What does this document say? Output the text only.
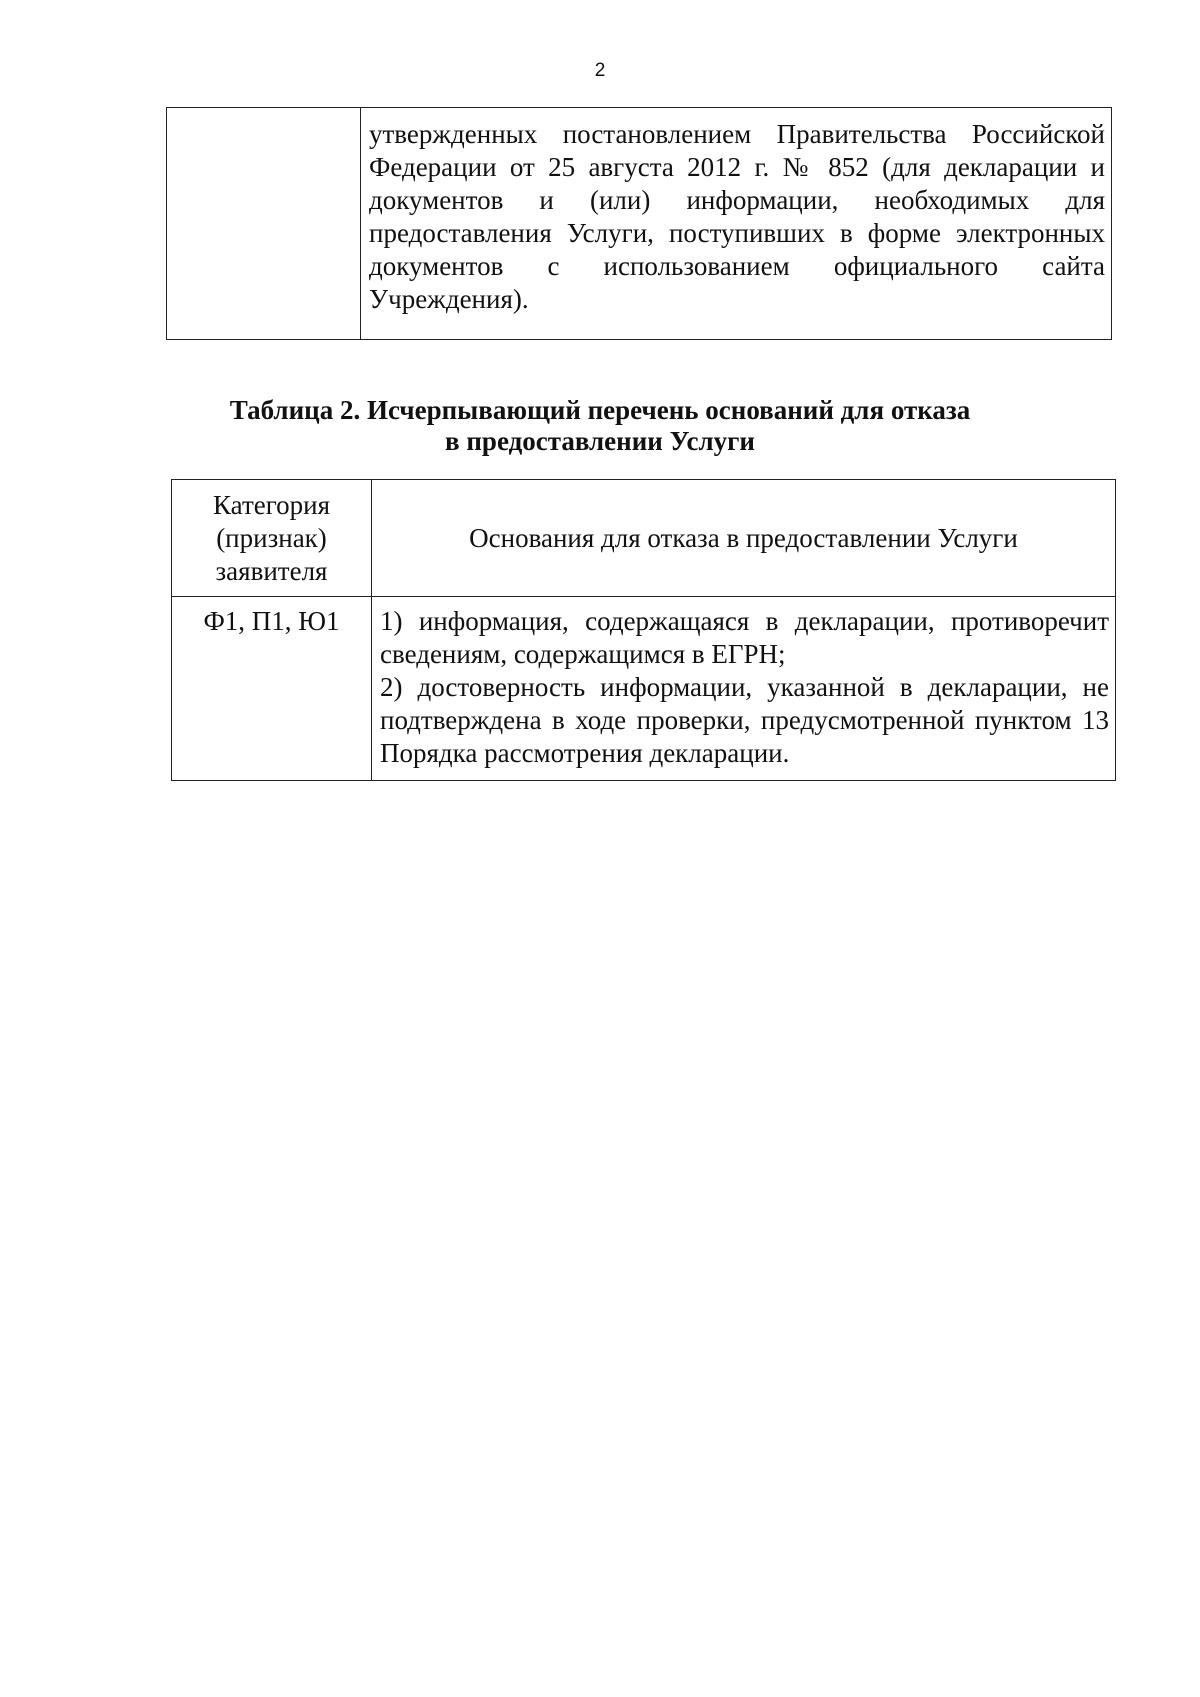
2
утвержденных постановлением Правительства Российской Федерации от 25 августа 2012 г. № 852 (для декларации и документов и (или) информации, необходимых для предоставления Услуги, поступивших в форме электронных документов с использованием официального сайта Учреждения).
Таблица 2. Исчерпывающий перечень оснований для отказа
в предоставлении Услуги
Категория (признак) заявителя	Основания для отказа в предоставлении Услуги
Ф1, П1, Ю1	1) информация, содержащаяся в декларации, противоречит сведениям, содержащимся в ЕГРН;
2) достоверность информации, указанной в декларации, не подтверждена в ходе проверки, предусмотренной пунктом 13 Порядка рассмотрения декларации.
